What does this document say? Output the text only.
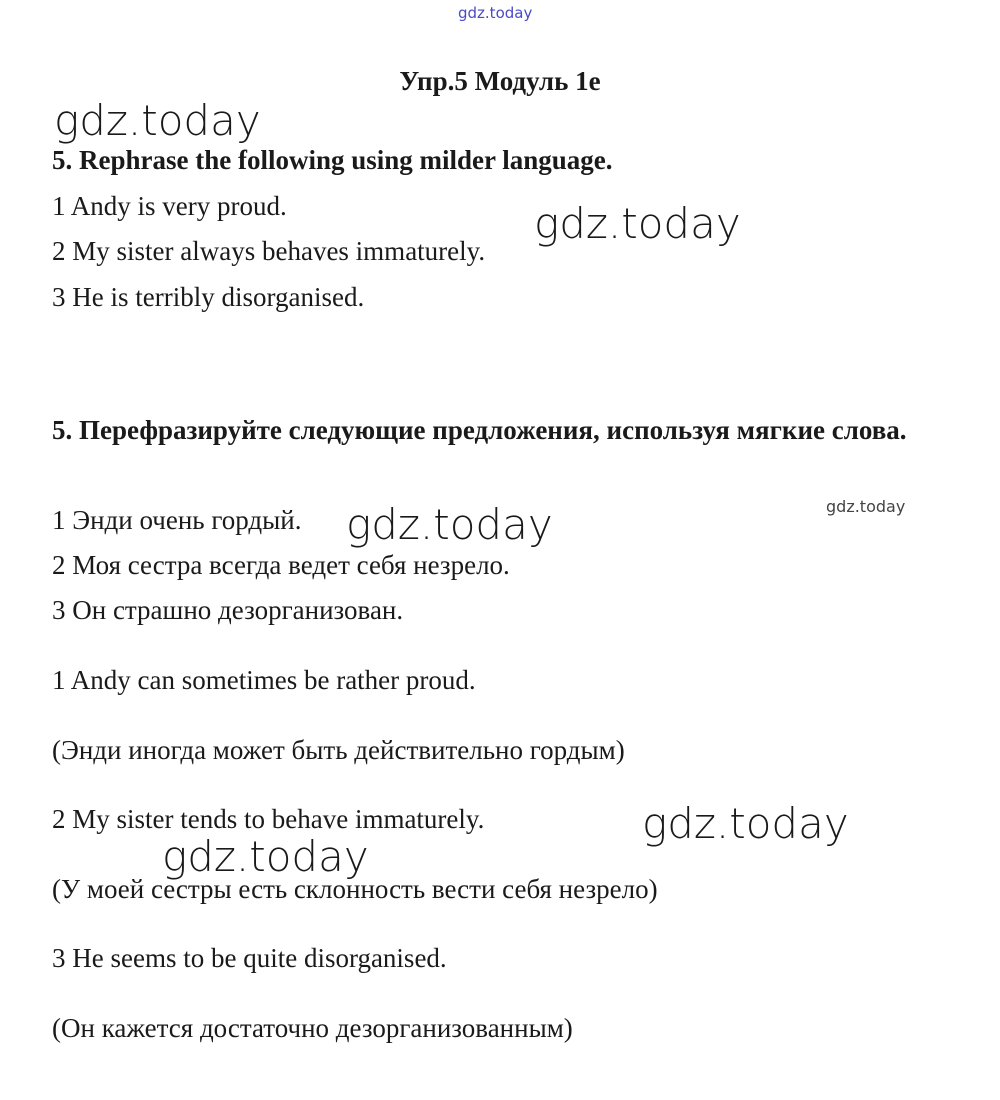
gdz.today
Упр.5 Модуль 1е
gdz.today
5. Rephrase the following using milder language.
1 Andy is very proud.
2 My sister always behaves immaturely.
3 He is terribly disorganised.
gdz.today
5. Перефразируйте следующие предложения, используя мягкие слова.
gdz.today
1 Энди очень гордый. gdz.today
2 Моя сестра всегда ведет себя незрело.
3 Он страшно дезорганизован.
1 Andy can sometimes be rather proud.
(Энди иногда может быть действительно гордым)
2 My sister tends to behave immaturely.	gdz.today
gdz.today
(У моей сестры есть склонность вести себя незрело)
3 He seems to be quite disorganised.
(Он кажется достаточно дезорганизованным)
